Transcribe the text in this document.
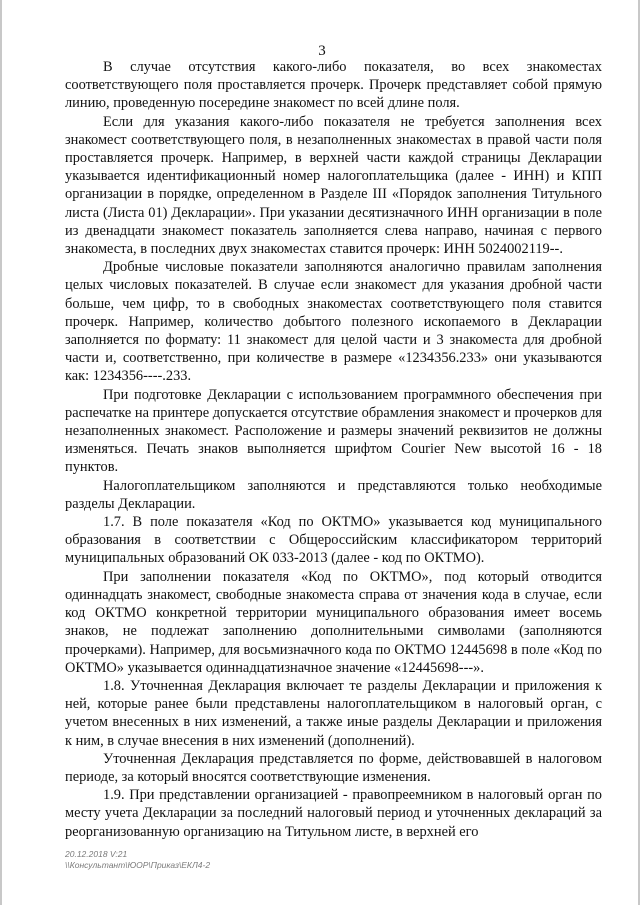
3

В случае отсутствия какого-либо показателя, во всех знакоместах соответствующего поля проставляется прочерк. Прочерк представляет собой прямую линию, проведенную посередине знакомест по всей длине поля.

Если для указания какого-либо показателя не требуется заполнения всех знакомест соответствующего поля, в незаполненных знакоместах в правой части поля проставляется прочерк. Например, в верхней части каждой страницы Декларации указывается идентификационный номер налогоплательщика (далее - ИНН) и КПП организации в порядке, определенном в Разделе III «Порядок заполнения Титульного листа (Листа 01) Декларации». При указании десятизначного ИНН организации в поле из двенадцати знакомест показатель заполняется слева направо, начиная с первого знакоместа, в последних двух знакоместах ставится прочерк: ИНН 5024002119--.

Дробные числовые показатели заполняются аналогично правилам заполнения целых числовых показателей. В случае если знакомест для указания дробной части больше, чем цифр, то в свободных знакоместах соответствующего поля ставится прочерк. Например, количество добытого полезного ископаемого в Декларации заполняется по формату: 11 знакомест для целой части и 3 знакоместа для дробной части и, соответственно, при количестве в размере «1234356.233» они указываются как: 1234356----.233.

При подготовке Декларации с использованием программного обеспечения при распечатке на принтере допускается отсутствие обрамления знакомест и прочерков для незаполненных знакомест. Расположение и размеры значений реквизитов не должны изменяться. Печать знаков выполняется шрифтом Courier New высотой 16 - 18 пунктов.

Налогоплательщиком заполняются и представляются только необходимые разделы Декларации.

1.7. В поле показателя «Код по ОКТМО» указывается код муниципального образования в соответствии с Общероссийским классификатором территорий муниципальных образований ОК 033-2013 (далее - код по ОКТМО).

При заполнении показателя «Код по ОКТМО», под который отводится одиннадцать знакомест, свободные знакоместа справа от значения кода в случае, если код ОКТМО конкретной территории муниципального образования имеет восемь знаков, не подлежат заполнению дополнительными символами (заполняются прочерками). Например, для восьмизначного кода по ОКТМО 12445698 в поле «Код по ОКТМО» указывается одиннадцатизначное значение «12445698---».

1.8. Уточненная Декларация включает те разделы Декларации и приложения к ней, которые ранее были представлены налогоплательщиком в налоговый орган, с учетом внесенных в них изменений, а также иные разделы Декларации и приложения к ним, в случае внесения в них изменений (дополнений).

Уточненная Декларация представляется по форме, действовавшей в налоговом периоде, за который вносятся соответствующие изменения.

1.9. При представлении организацией - правопреемником в налоговый орган по месту учета Декларации за последний налоговый период и уточненных деклараций за реорганизованную организацию на Титульном листе, в верхней его

20.12.2018 V:21
\\Консультант\ЮОР\Приказ\ЕКЛ4-2
